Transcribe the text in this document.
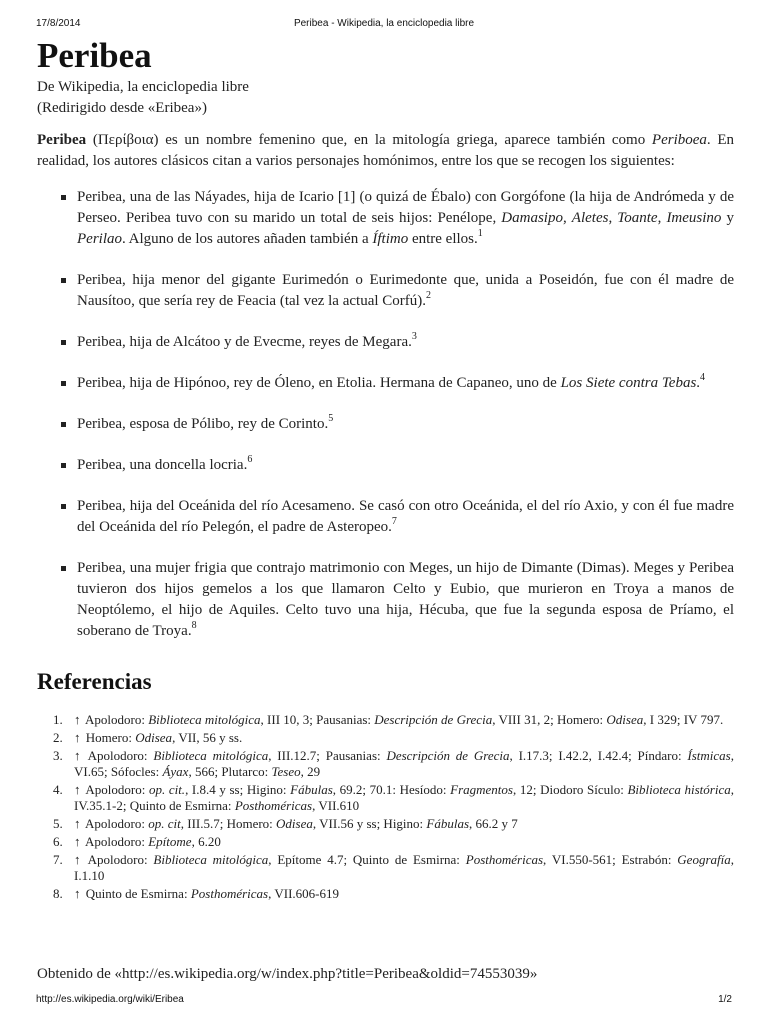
17/8/2014	Peribea - Wikipedia, la enciclopedia libre
Peribea
De Wikipedia, la enciclopedia libre
(Redirigido desde «Eribea»)

Peribea (Περίβοια) es un nombre femenino que, en la mitología griega, aparece también como Periboea. En realidad, los autores clásicos citan a varios personajes homónimos, entre los que se recogen los siguientes:

Peribea, una de las Náyades, hija de Icario [1] (o quizá de Ébalo) con Gorgófone (la hija de Andrómeda y de Perseo. Peribea tuvo con su marido un total de seis hijos: Penélope, Damasipo, Aletes, Toante, Imeusino y Perilao. Alguno de los autores añaden también a Íftimo entre ellos.$^1$
Peribea, hija menor del gigante Eurimedón o Eurimedonte que, unida a Poseidón, fue con él madre de Nausítoo, que sería rey de Feacia (tal vez la actual Corfú).$^2$
Peribea, hija de Alcátoo y de Evecme, reyes de Megara.$^3$
Peribea, hija de Hipónoo, rey de Óleno, en Etolia. Hermana de Capaneo, uno de Los Siete contra Tebas.$^4$
Peribea, esposa de Pólibo, rey de Corinto.$^5$
Peribea, una doncella locria.$^6$
Peribea, hija del Oceánida del río Acesameno. Se casó con otro Oceánida, el del río Axio, y con él fue madre del Oceánida del río Pelegón, el padre de Asteropeo.$^7$
Peribea, una mujer frigia que contrajo matrimonio con Meges, un hijo de Dimante (Dimas). Meges y Peribea tuvieron dos hijos gemelos a los que llamaron Celto y Eubio, que murieron en Troya a manos de Neoptólemo, el hijo de Aquiles. Celto tuvo una hija, Hécuba, que fue la segunda esposa de Príamo, el soberano de Troya.$^8$
Referencias
1. ↑ Apolodoro: Biblioteca mitológica, III 10, 3; Pausanias: Descripción de Grecia, VIII 31, 2; Homero: Odisea, I 329; IV 797.
2. ↑ Homero: Odisea, VII, 56 y ss.
3. ↑ Apolodoro: Biblioteca mitológica, III.12.7; Pausanias: Descripción de Grecia, I.17.3; I.42.2, I.42.4; Píndaro: Ístmicas, VI.65; Sófocles: Áyax, 566; Plutarco: Teseo, 29
4. ↑ Apolodoro: op. cit., I.8.4 y ss; Higino: Fábulas, 69.2; 70.1: Hesíodo: Fragmentos, 12; Diodoro Sículo: Biblioteca histórica, IV.35.1-2; Quinto de Esmirna: Posthoméricas, VII.610
5. ↑ Apolodoro: op. cit, III.5.7; Homero: Odisea, VII.56 y ss; Higino: Fábulas, 66.2 y 7
6. ↑ Apolodoro: Epítome, 6.20
7. ↑ Apolodoro: Biblioteca mitológica, Epítome 4.7; Quinto de Esmirna: Posthoméricas, VI.550-561; Estrabón: Geografía, I.1.10
8. ↑ Quinto de Esmirna: Posthoméricas, VII.606-619
Obtenido de «http://es.wikipedia.org/w/index.php?title=Peribea&oldid=74553039»
http://es.wikipedia.org/wiki/Eribea	1/2
